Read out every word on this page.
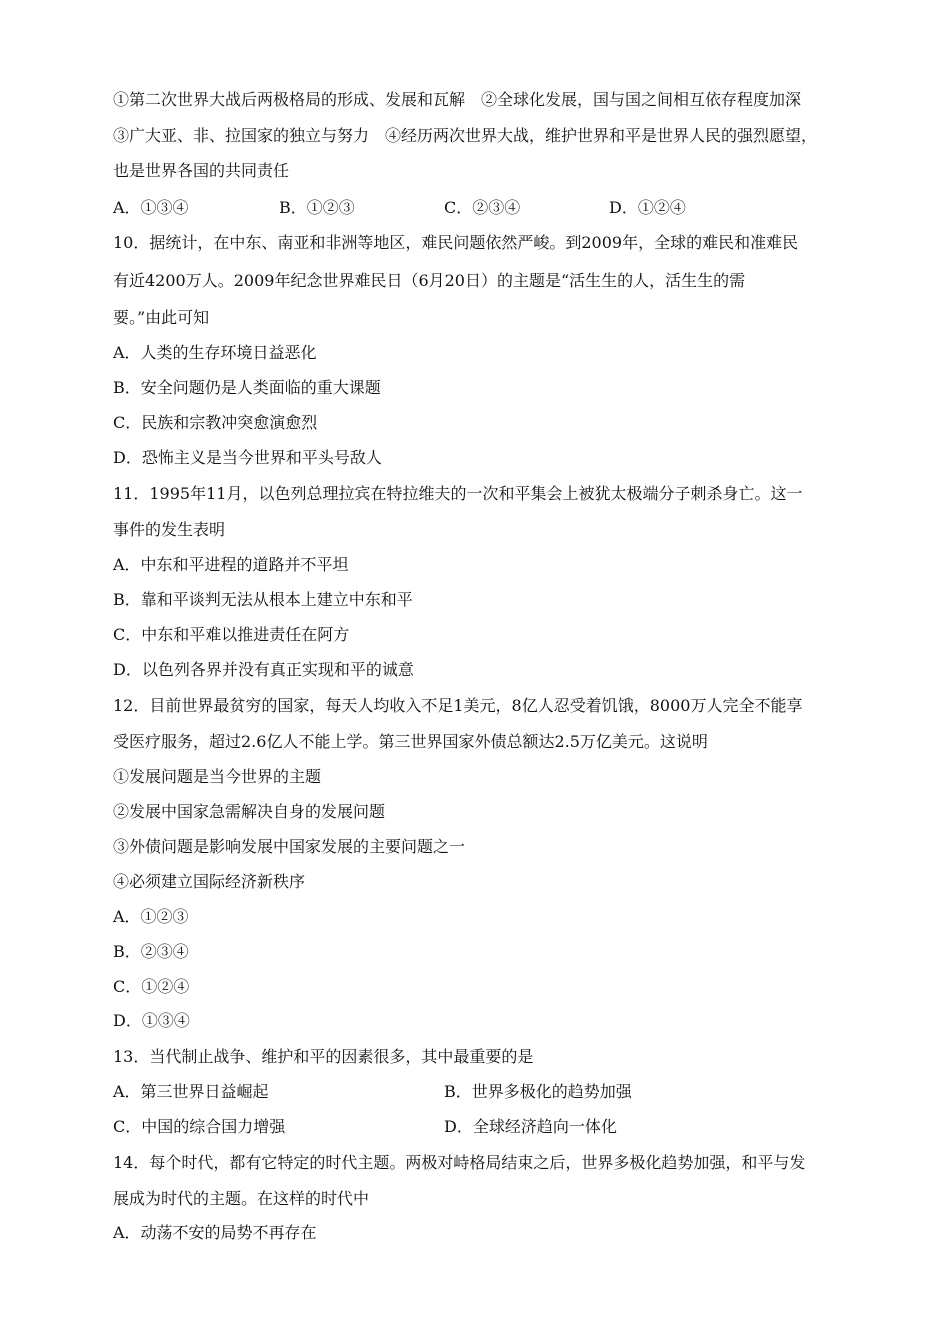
①第二次世界大战后两极格局的形成、发展和瓦解　②全球化发展，国与国之间相互依存程度加深
③广大亚、非、拉国家的独立与努力　④经历两次世界大战，维护世界和平是世界人民的强烈愿望，
也是世界各国的共同责任
A．①③④	B．①②③	C．②③④	D．①②④
10．据统计，在中东、南亚和非洲等地区，难民问题依然严峻。到2009年，全球的难民和准难民
有近4200万人。2009年纪念世界难民日（6月20日）的主题是“活生生的人，活生生的需
要。”由此可知
A．人类的生存环境日益恶化
B．安全问题仍是人类面临的重大课题
C．民族和宗教冲突愈演愈烈
D．恐怖主义是当今世界和平头号敌人
11．1995年11月，以色列总理拉宾在特拉维夫的一次和平集会上被犹太极端分子刺杀身亡。这一
事件的发生表明
A．中东和平进程的道路并不平坦
B．靠和平谈判无法从根本上建立中东和平
C．中东和平难以推进责任在阿方
D．以色列各界并没有真正实现和平的诚意
12．目前世界最贫穷的国家，每天人均收入不足1美元，8亿人忍受着饥饿，8000万人完全不能享
受医疗服务，超过2.6亿人不能上学。第三世界国家外债总额达2.5万亿美元。这说明
①发展问题是当今世界的主题
②发展中国家急需解决自身的发展问题
③外债问题是影响发展中国家发展的主要问题之一
④必须建立国际经济新秩序
A．①②③
B．②③④
C．①②④
D．①③④
13．当代制止战争、维护和平的因素很多，其中最重要的是
A．第三世界日益崛起	B．世界多极化的趋势加强
C．中国的综合国力增强	D．全球经济趋向一体化
14．每个时代，都有它特定的时代主题。两极对峙格局结束之后，世界多极化趋势加强，和平与发
展成为时代的主题。在这样的时代中
A．动荡不安的局势不再存在
